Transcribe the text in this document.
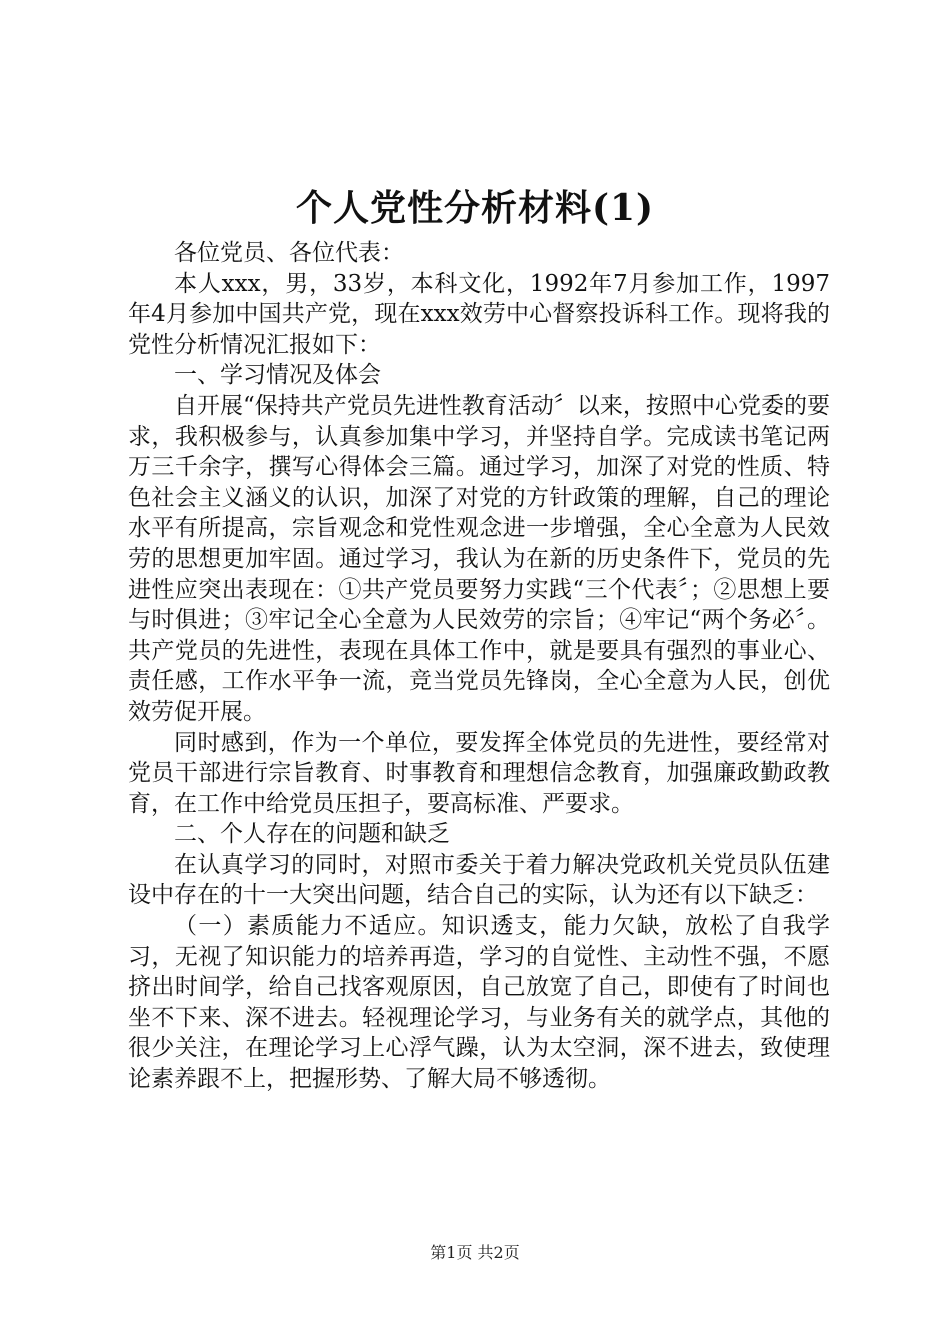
个人党性分析材料(1)

各位党员、各位代表：

本人xxx，男，33岁，本科文化，1992年7月参加工作，1997年4月参加中国共产党，现在xxx效劳中心督察投诉科工作。现将我的党性分析情况汇报如下：

一、学习情况及体会

自开展“保持共产党员先进性教育活动〞以来，按照中心党委的要求，我积极参与，认真参加集中学习，并坚持自学。完成读书笔记两万三千余字，撰写心得体会三篇。通过学习，加深了对党的性质、特色社会主义涵义的认识，加深了对党的方针政策的理解，自己的理论水平有所提高，宗旨观念和党性观念进一步增强，全心全意为人民效劳的思想更加牢固。通过学习，我认为在新的历史条件下，党员的先进性应突出表现在：①共产党员要努力实践“三个代表〞；②思想上要与时俱进；③牢记全心全意为人民效劳的宗旨；④牢记“两个务必〞。共产党员的先进性，表现在具体工作中，就是要具有强烈的事业心、责任感，工作水平争一流，竞当党员先锋岗，全心全意为人民，创优效劳促开展。

同时感到，作为一个单位，要发挥全体党员的先进性，要经常对党员干部进行宗旨教育、时事教育和理想信念教育，加强廉政勤政教育，在工作中给党员压担子，要高标准、严要求。

二、个人存在的问题和缺乏

在认真学习的同时，对照市委关于着力解决党政机关党员队伍建设中存在的十一大突出问题，结合自己的实际，认为还有以下缺乏：

（一）素质能力不适应。知识透支，能力欠缺，放松了自我学习，无视了知识能力的培养再造，学习的自觉性、主动性不强，不愿挤出时间学，给自己找客观原因，自己放宽了自己，即使有了时间也坐不下来、深不进去。轻视理论学习，与业务有关的就学点，其他的很少关注，在理论学习上心浮气躁，认为太空洞，深不进去，致使理论素养跟不上，把握形势、了解大局不够透彻。

第1页 共2页
